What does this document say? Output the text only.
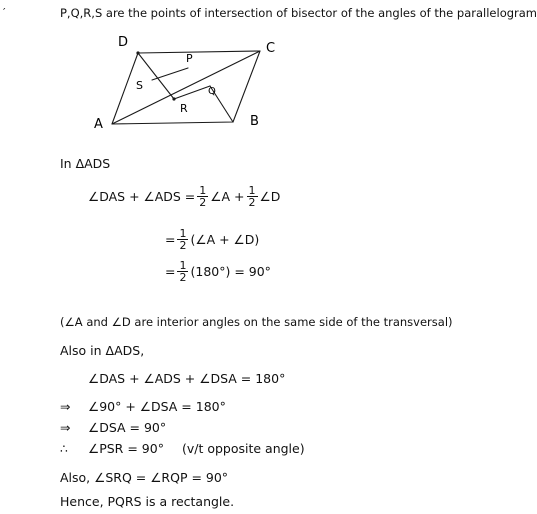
′	P,Q,R,S are the points of intersection of bisector of the angles of the parallelogram
D	C
A	B
S
P
Q
R
In ΔADS
∠DAS + ∠ADS = $\frac{1}{2}$ ∠A + $\frac{1}{2}$ ∠D
= $\frac{1}{2}$ (∠A + ∠D)
= $\frac{1}{2} (180^\circ) = 90^\circ$
(∠A and ∠D are interior angles on the same side of the transversal)
Also in ΔADS,
∠DAS + ∠ADS + ∠DSA = 180°
⇒ ∠90° + ∠DSA = 180°
⇒ ∠DSA = 90°
∴ ∠PSR = 90° (v/t opposite angle)
Also, ∠SRQ = ∠RQP = 90°
Hence, PQRS is a rectangle.
